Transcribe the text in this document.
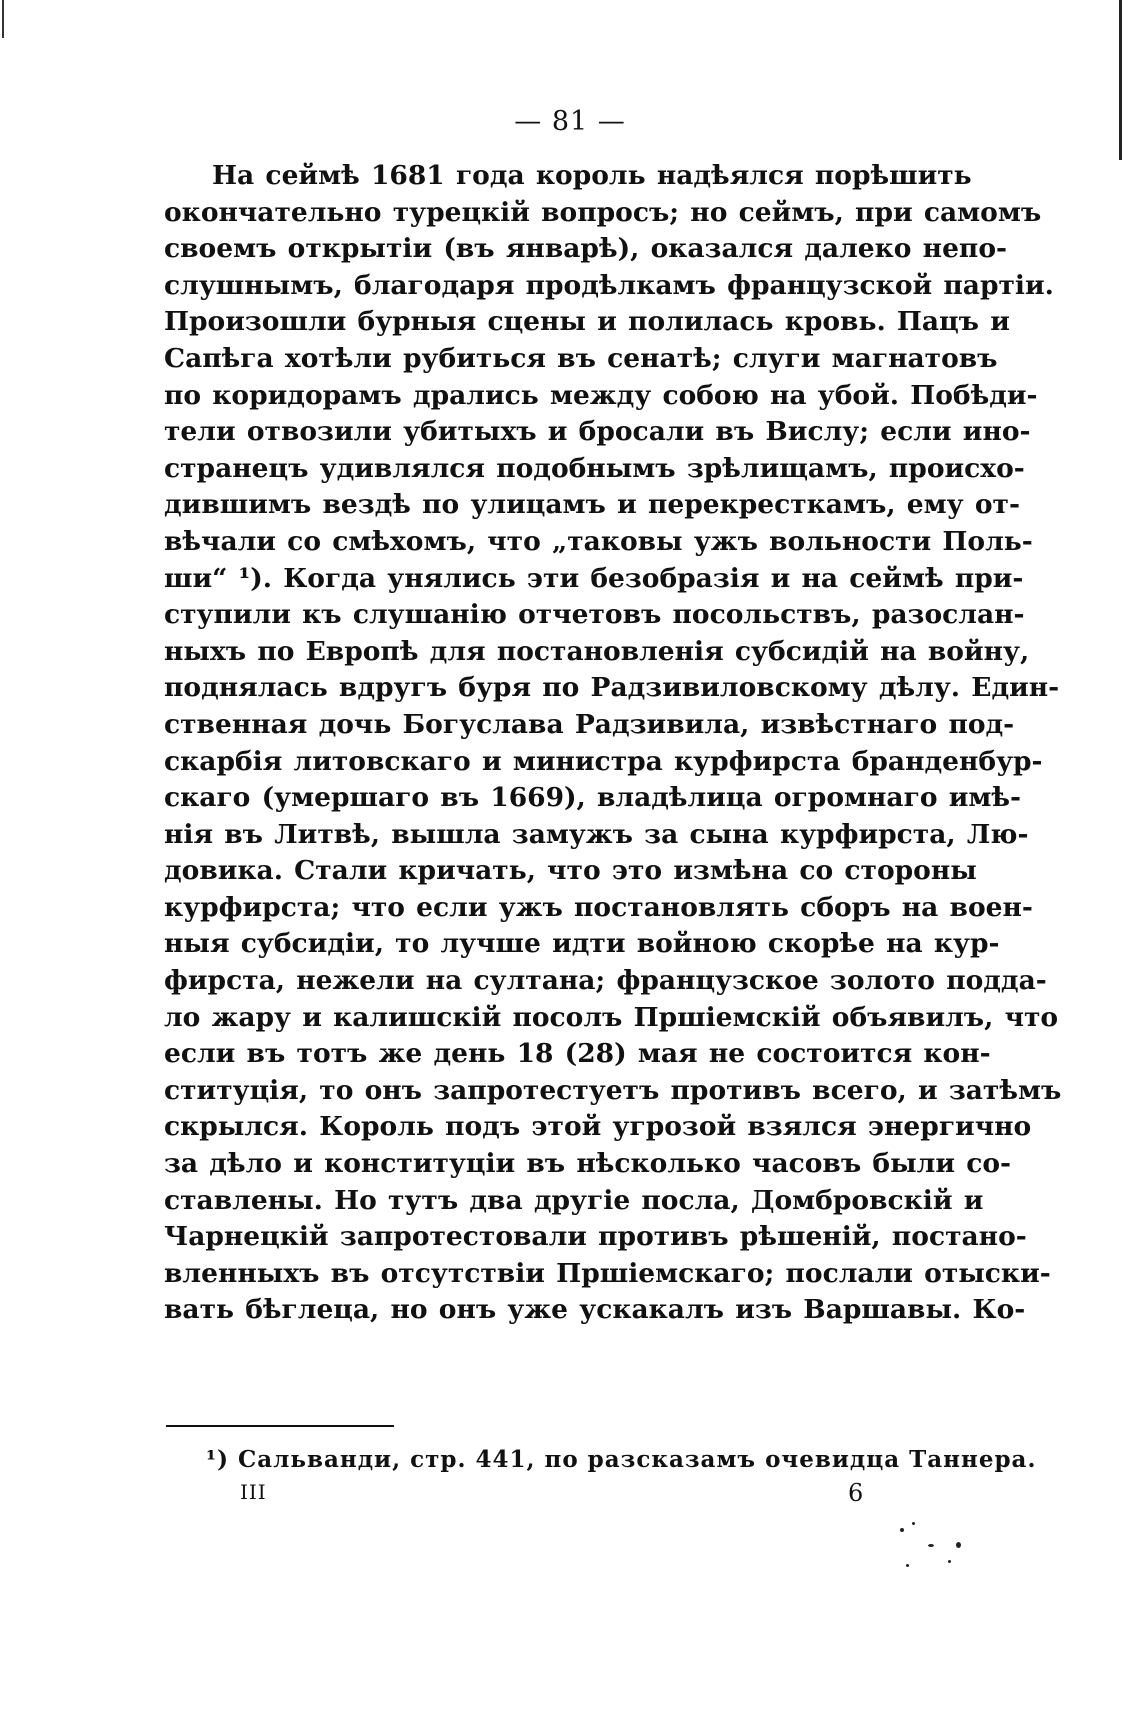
— 81 —
На сеймѣ 1681 года король надѣялся порѣшить
окончательно турецкій вопросъ; но сеймъ, при самомъ
своемъ открытіи (въ январѣ), оказался далеко непо-
слушнымъ, благодаря продѣлкамъ французской партіи.
Произошли бурныя сцены и полилась кровь. Пацъ и
Сапѣга хотѣли рубиться въ сенатѣ; слуги магнатовъ
по коридорамъ дрались между собою на убой. Побѣди-
тели отвозили убитыхъ и бросали въ Вислу; если ино-
странецъ удивлялся подобнымъ зрѣлищамъ, происхо-
дившимъ вездѣ по улицамъ и перекресткамъ, ему от-
вѣчали со смѣхомъ, что „таковы ужъ вольности Поль-
ши“ ¹). Когда унялись эти безобразія и на сеймѣ при-
ступили къ слушанію отчетовъ посольствъ, разослан-
ныхъ по Европѣ для постановленія субсидій на войну,
поднялась вдругъ буря по Радзивиловскому дѣлу. Един-
ственная дочь Богуслава Радзивила, извѣстнаго под-
скарбія литовскаго и министра курфирста бранденбур-
скаго (умершаго въ 1669), владѣлица огромнаго имѣ-
нія въ Литвѣ, вышла замужъ за сына курфирста, Лю-
довика. Стали кричать, что это измѣна со стороны
курфирста; что если ужъ постановлять сборъ на воен-
ныя субсидіи, то лучше идти войною скорѣе на кур-
фирста, нежели на султана; французское золото подда-
ло жару и калишскій посолъ Пршіемскій объявилъ, что
если въ тотъ же день 18 (28) мая не состоится кон-
ституція, то онъ запротестуетъ противъ всего, и затѣмъ
скрылся. Король подъ этой угрозой взялся энергично
за дѣло и конституціи въ нѣсколько часовъ были со-
ставлены. Но тутъ два другіе посла, Домбровскій и
Чарнецкій запротестовали противъ рѣшеній, постано-
вленныхъ въ отсутствіи Пршіемскаго; послали отыски-
вать бѣглеца, но онъ уже ускакалъ изъ Варшавы. Ко-
¹) Сальванди, стр. 441, по разсказамъ очевидца Таннера.
III	6
